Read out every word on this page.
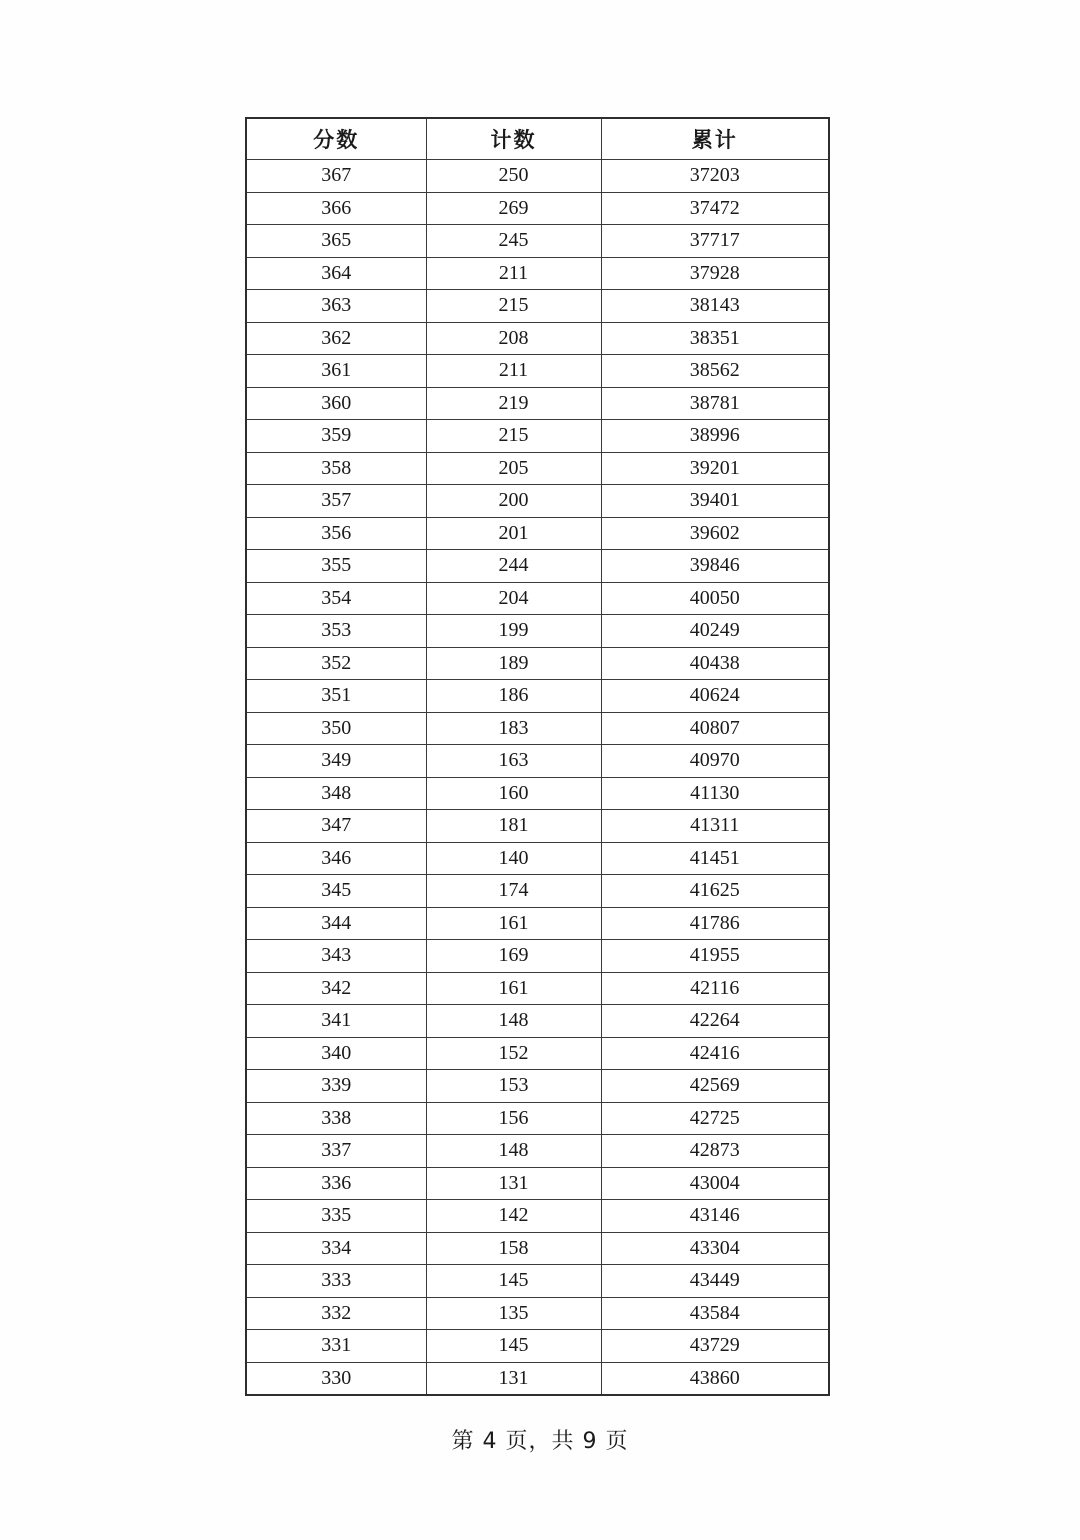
分数	计数	累计
367	250	37203
366	269	37472
365	245	37717
364	211	37928
363	215	38143
362	208	38351
361	211	38562
360	219	38781
359	215	38996
358	205	39201
357	200	39401
356	201	39602
355	244	39846
354	204	40050
353	199	40249
352	189	40438
351	186	40624
350	183	40807
349	163	40970
348	160	41130
347	181	41311
346	140	41451
345	174	41625
344	161	41786
343	169	41955
342	161	42116
341	148	42264
340	152	42416
339	153	42569
338	156	42725
337	148	42873
336	131	43004
335	142	43146
334	158	43304
333	145	43449
332	135	43584
331	145	43729
330	131	43860
第 4 页，共 9 页
